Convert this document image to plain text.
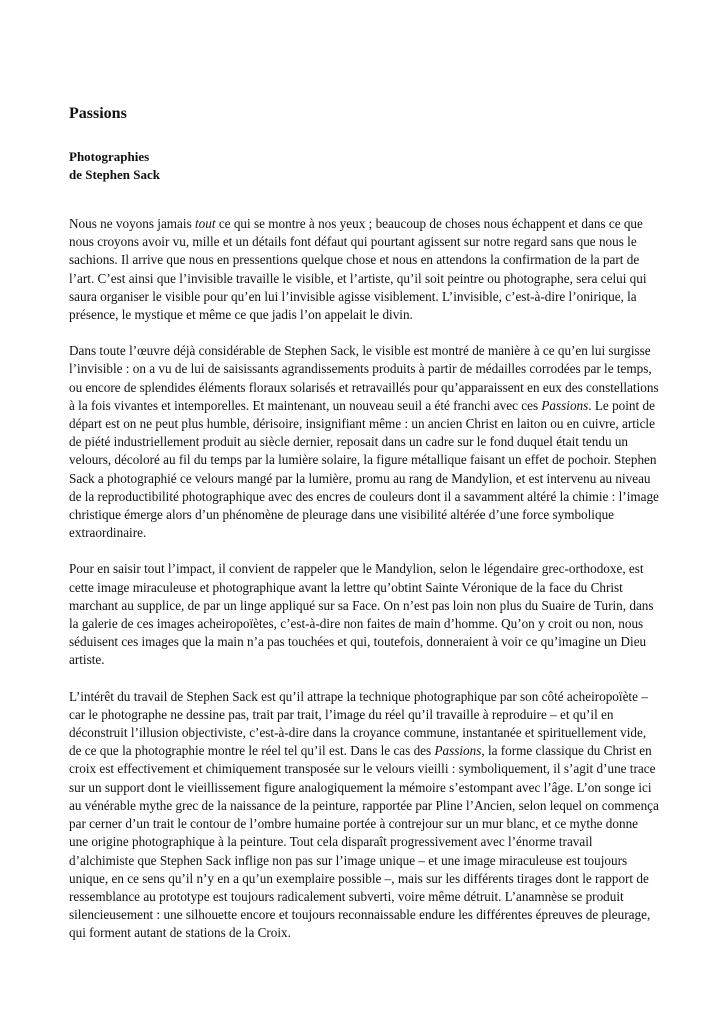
Passions
Photographies
de Stephen Sack

Nous ne voyons jamais tout ce qui se montre à nos yeux ; beaucoup de choses nous échappent et dans ce que nous croyons avoir vu, mille et un détails font défaut qui pourtant agissent sur notre regard sans que nous le sachions. Il arrive que nous en pressentions quelque chose et nous en attendons la confirmation de la part de l’art. C’est ainsi que l’invisible travaille le visible, et l’artiste, qu’il soit peintre ou photographe, sera celui qui saura organiser le visible pour qu’en lui l’invisible agisse visiblement. L’invisible, c’est-à-dire l’onirique, la présence, le mystique et même ce que jadis l’on appelait le divin.

Dans toute l’œuvre déjà considérable de Stephen Sack, le visible est montré de manière à ce qu’en lui surgisse l’invisible : on a vu de lui de saisissants agrandissements produits à partir de médailles corrodées par le temps, ou encore de splendides éléments floraux solarisés et retravaillés pour qu’apparaissent en eux des constellations à la fois vivantes et intemporelles. Et maintenant, un nouveau seuil a été franchi avec ces Passions. Le point de départ est on ne peut plus humble, dérisoire, insignifiant même : un ancien Christ en laiton ou en cuivre, article de piété industriellement produit au siècle dernier, reposait dans un cadre sur le fond duquel était tendu un velours, décoloré au fil du temps par la lumière solaire, la figure métallique faisant un effet de pochoir. Stephen Sack a photographié ce velours mangé par la lumière, promu au rang de Mandylion, et est intervenu au niveau de la reproductibilité photographique avec des encres de couleurs dont il a savamment altéré la chimie : l’image christique émerge alors d’un phénomène de pleurage dans une visibilité altérée d’une force symbolique extraordinaire.

Pour en saisir tout l’impact, il convient de rappeler que le Mandylion, selon le légendaire grec-orthodoxe, est cette image miraculeuse et photographique avant la lettre qu’obtint Sainte Véronique de la face du Christ marchant au supplice, de par un linge appliqué sur sa Face. On n’est pas loin non plus du Suaire de Turin, dans la galerie de ces images acheiropoïètes, c’est-à-dire non faites de main d’homme. Qu’on y croit ou non, nous séduisent ces images que la main n’a pas touchées et qui, toutefois, donneraient à voir ce qu’imagine un Dieu artiste.

L’intérêt du travail de Stephen Sack est qu’il attrape la technique photographique par son côté acheiropoïète – car le photographe ne dessine pas, trait par trait, l’image du réel qu’il travaille à reproduire – et qu’il en déconstruit l’illusion objectiviste, c’est-à-dire dans la croyance commune, instantanée et spirituellement vide, de ce que la photographie montre le réel tel qu’il est. Dans le cas des Passions, la forme classique du Christ en croix est effectivement et chimiquement transposée sur le velours vieilli : symboliquement, il s’agit d’une trace sur un support dont le vieillissement figure analogiquement la mémoire s’estompant avec l’âge. L’on songe ici au vénérable mythe grec de la naissance de la peinture, rapportée par Pline l’Ancien, selon lequel on commença par cerner d’un trait le contour de l’ombre humaine portée à contrejour sur un mur blanc, et ce mythe donne une origine photographique à la peinture. Tout cela disparaît progressivement avec l’énorme travail d’alchimiste que Stephen Sack inflige non pas sur l’image unique – et une image miraculeuse est toujours unique, en ce sens qu’il n’y en a qu’un exemplaire possible –, mais sur les différents tirages dont le rapport de ressemblance au prototype est toujours radicalement subverti, voire même détruit. L’anamnèse se produit silencieusement : une silhouette encore et toujours reconnaissable endure les différentes épreuves de pleurage, qui forment autant de stations de la Croix.
